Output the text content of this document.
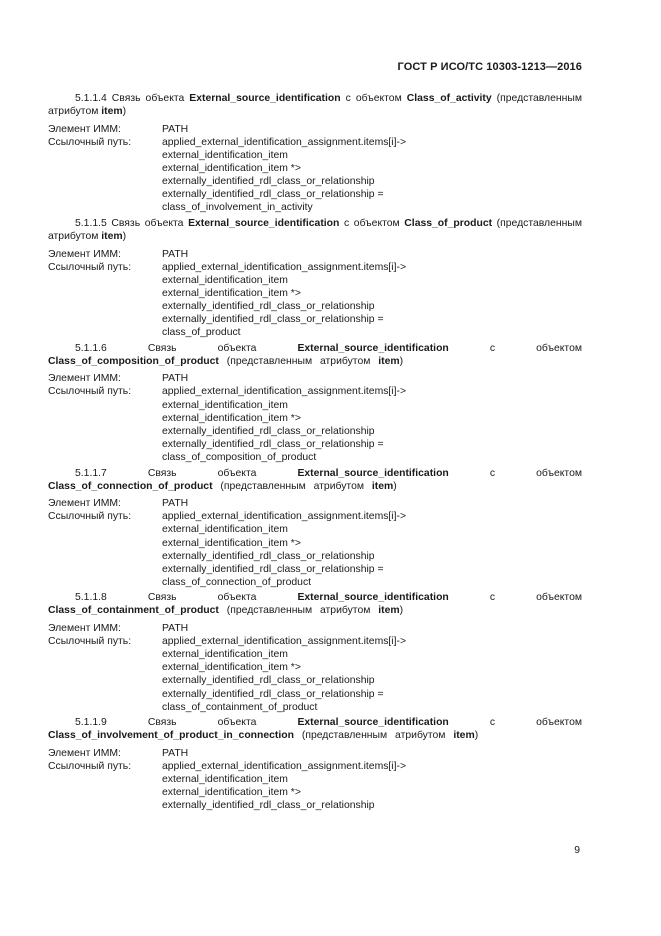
ГОСТ Р ИСО/ТС 10303-1213—2016
5.1.1.4 Связь объекта External_source_identification с объектом Class_of_activity (представленным атрибутом item)
Элемент ИММ:	PATH
Ссылочный путь:	applied_external_identification_assignment.items[i]->
external_identification_item
external_identification_item *>
externally_identified_rdl_class_or_relationship
externally_identified_rdl_class_or_relationship =
class_of_involvement_in_activity
5.1.1.5 Связь объекта External_source_identification с объектом Class_of_product (представленным атрибутом item)
Элемент ИММ:	PATH
Ссылочный путь:	applied_external_identification_assignment.items[i]->
external_identification_item
external_identification_item *>
externally_identified_rdl_class_or_relationship
externally_identified_rdl_class_or_relationship =
class_of_product
5.1.1.6 Связь объекта External_source_identification с объектом Class_of_composition_of_product (представленным атрибутом item)
Элемент ИММ:	PATH
Ссылочный путь:	applied_external_identification_assignment.items[i]->
external_identification_item
external_identification_item *>
externally_identified_rdl_class_or_relationship
externally_identified_rdl_class_or_relationship =
class_of_composition_of_product
5.1.1.7 Связь объекта External_source_identification с объектом Class_of_connection_of_product (представленным атрибутом item)
Элемент ИММ:	PATH
Ссылочный путь:	applied_external_identification_assignment.items[i]->
external_identification_item
external_identification_item *>
externally_identified_rdl_class_or_relationship
externally_identified_rdl_class_or_relationship =
class_of_connection_of_product
5.1.1.8 Связь объекта External_source_identification с объектом Class_of_containment_of_product (представленным атрибутом item)
Элемент ИММ:	PATH
Ссылочный путь:	applied_external_identification_assignment.items[i]->
external_identification_item
external_identification_item *>
externally_identified_rdl_class_or_relationship
externally_identified_rdl_class_or_relationship =
class_of_containment_of_product
5.1.1.9 Связь объекта External_source_identification с объектом Class_of_involvement_of_product_in_connection (представленным атрибутом item)
Элемент ИММ:	PATH
Ссылочный путь:	applied_external_identification_assignment.items[i]->
external_identification_item
external_identification_item *>
externally_identified_rdl_class_or_relationship
9
